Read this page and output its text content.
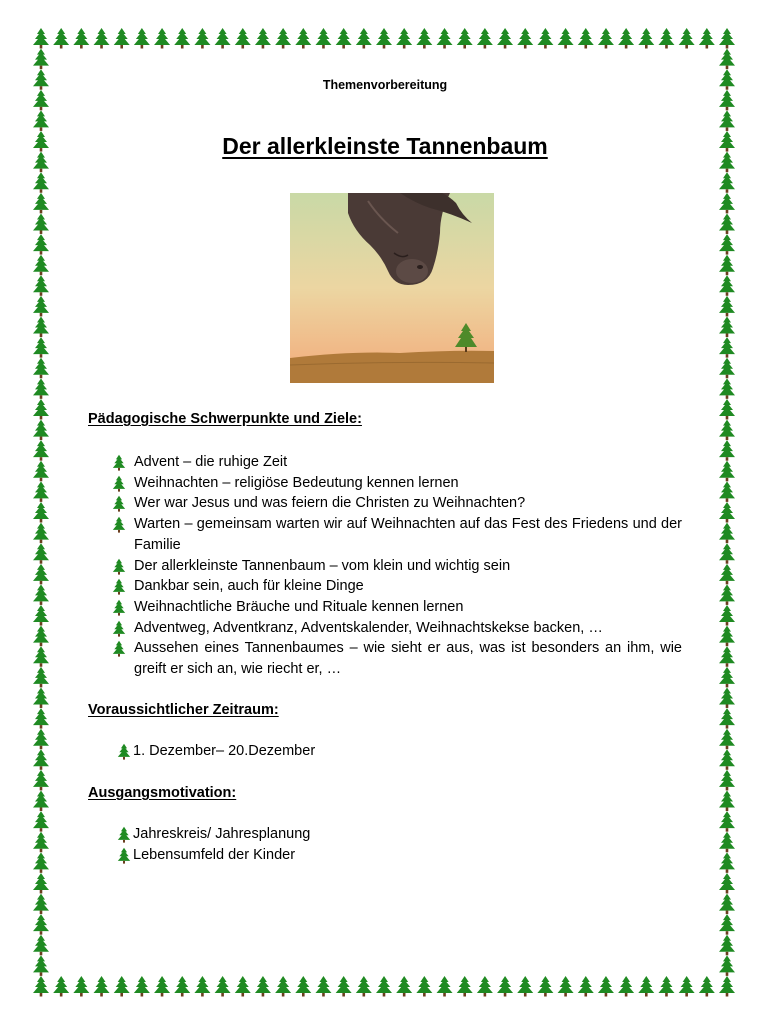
Themenvorbereitung
Der allerkleinste Tannenbaum
Pädagogische Schwerpunkte und Ziele:
Advent – die ruhige Zeit
Weihnachten – religiöse Bedeutung kennen lernen
Wer war Jesus und was feiern die Christen zu Weihnachten?
Warten – gemeinsam warten wir auf Weihnachten auf das Fest des Friedens und der Familie
Der allerkleinste Tannenbaum – vom klein und wichtig sein
Dankbar sein, auch für kleine Dinge
Weihnachtliche Bräuche und Rituale kennen lernen
Adventweg, Adventkranz, Adventskalender, Weihnachtskekse backen, …
Aussehen eines Tannenbaumes – wie sieht er aus, was ist besonders an ihm, wie greift er sich an, wie riecht er, …
Voraussichtlicher Zeitraum:
1. Dezember– 20.Dezember
Ausgangsmotivation:
Jahreskreis/ Jahresplanung
Lebensumfeld der Kinder
